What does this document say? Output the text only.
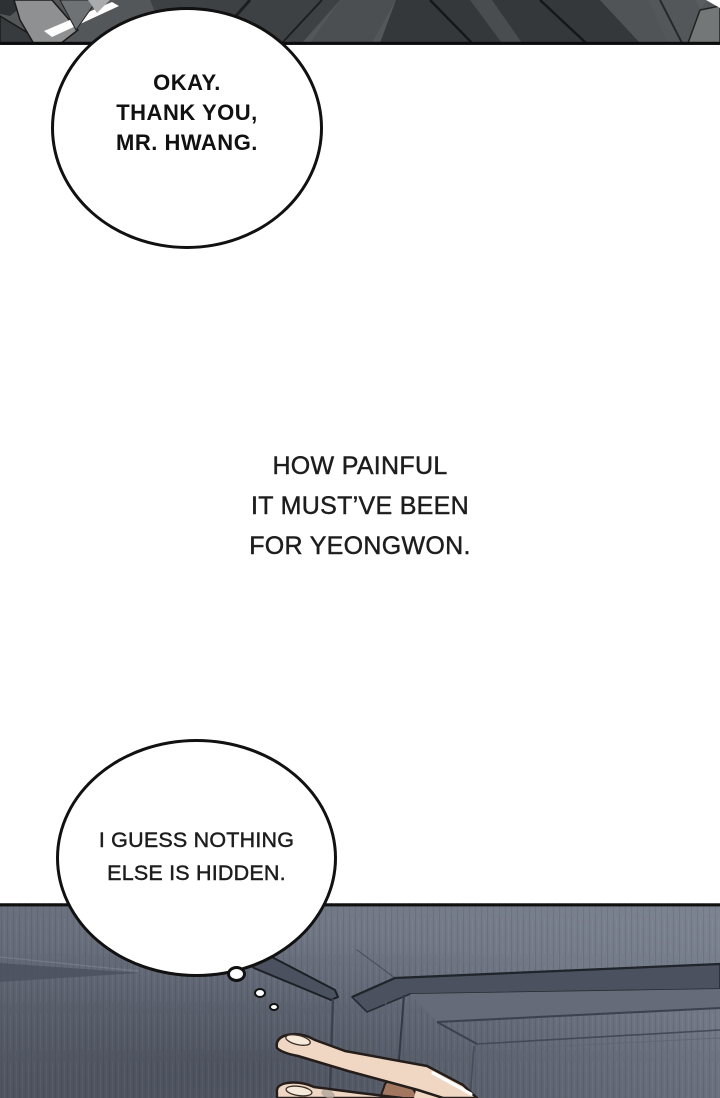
OKAY.
THANK YOU,
MR. HWANG.
HOW PAINFUL
IT MUST’VE BEEN
FOR YEONGWON.
I GUESS NOTHING
ELSE IS HIDDEN.
